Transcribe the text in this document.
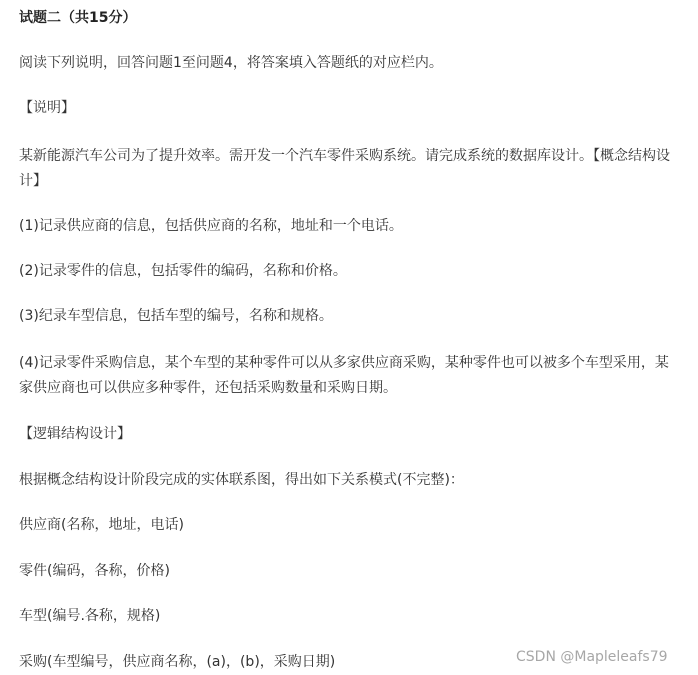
试题二（共15分）
阅读下列说明，回答问题1至问题4，将答案填入答题纸的对应栏内。
【说明】
某新能源汽车公司为了提升效率。需开发一个汽车零件采购系统。请完成系统的数据库设计。【概念结构设
计】
(1)记录供应商的信息，包括供应商的名称，地址和一个电话。
(2)记录零件的信息，包括零件的编码，名称和价格。
(3)纪录车型信息，包括车型的编号，名称和规格。
(4)记录零件采购信息，某个车型的某种零件可以从多家供应商采购，某种零件也可以被多个车型采用，某
家供应商也可以供应多种零件，还包括采购数量和采购日期。
【逻辑结构设计】
根据概念结构设计阶段完成的实体联系图，得出如下关系模式(不完整)：
供应商(名称，地址，电话)
零件(编码，各称，价格)
车型(编号.各称，规格)
采购(车型编号，供应商名称，(a)，(b)，采购日期)	CSDN @Mapleleafs79
